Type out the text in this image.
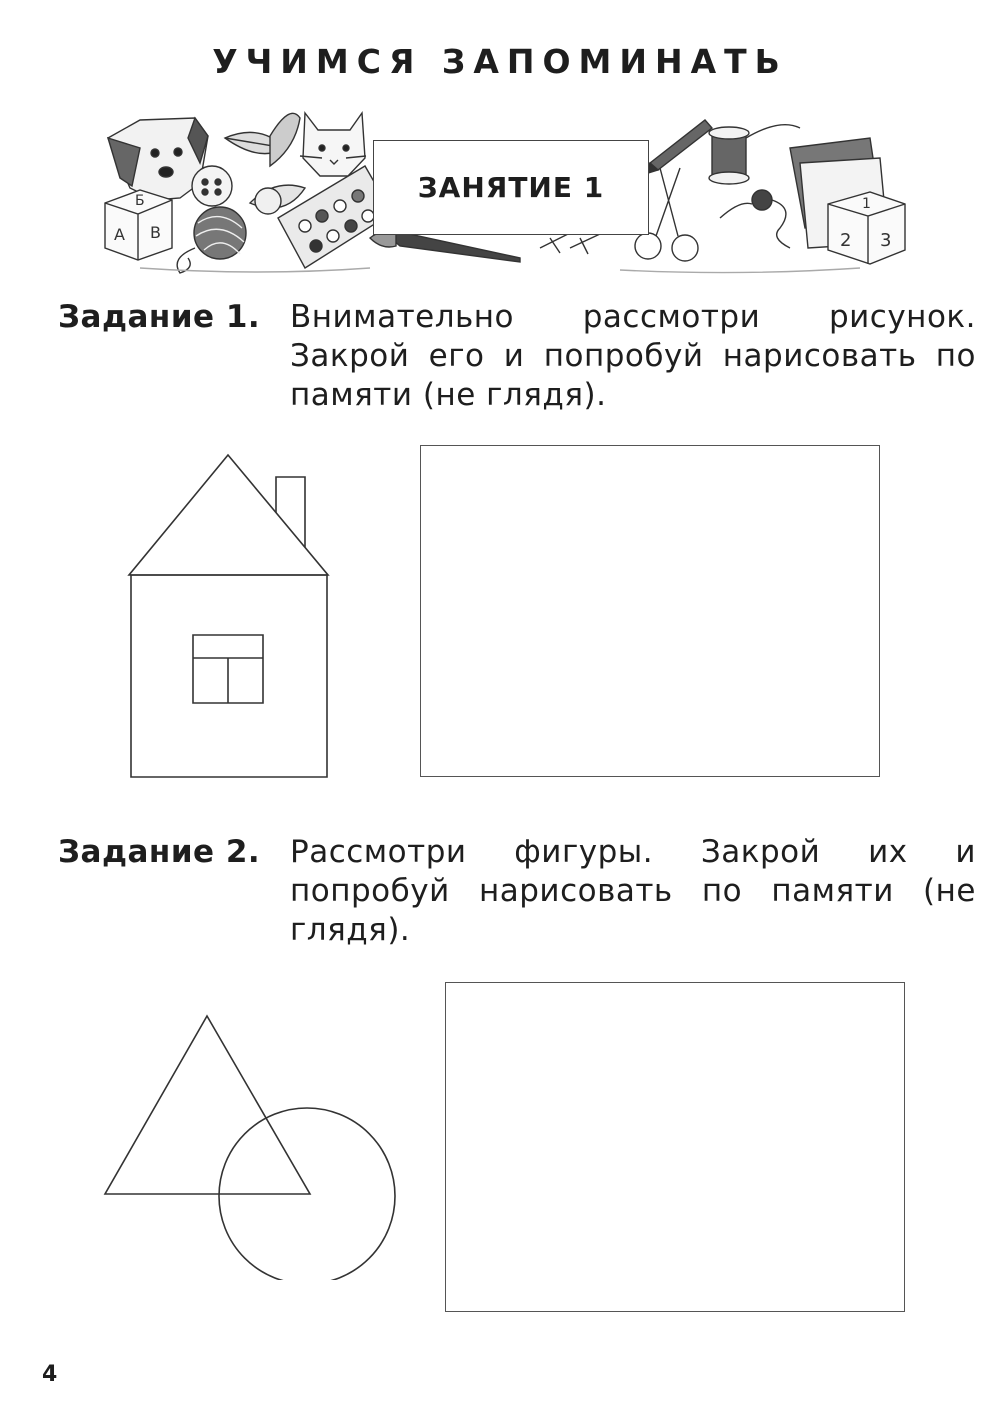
УЧИМСЯ ЗАПОМИНАТЬ
Б
А В
1
2 3
ЗАНЯТИЕ 1
Задание 1. Внимательно рассмотри рисунок. Закрой его и попробуй нарисовать по памяти (не глядя).
Задание 2. Рассмотри фигуры. Закрой их и попробуй нарисовать по памяти (не глядя).
4
